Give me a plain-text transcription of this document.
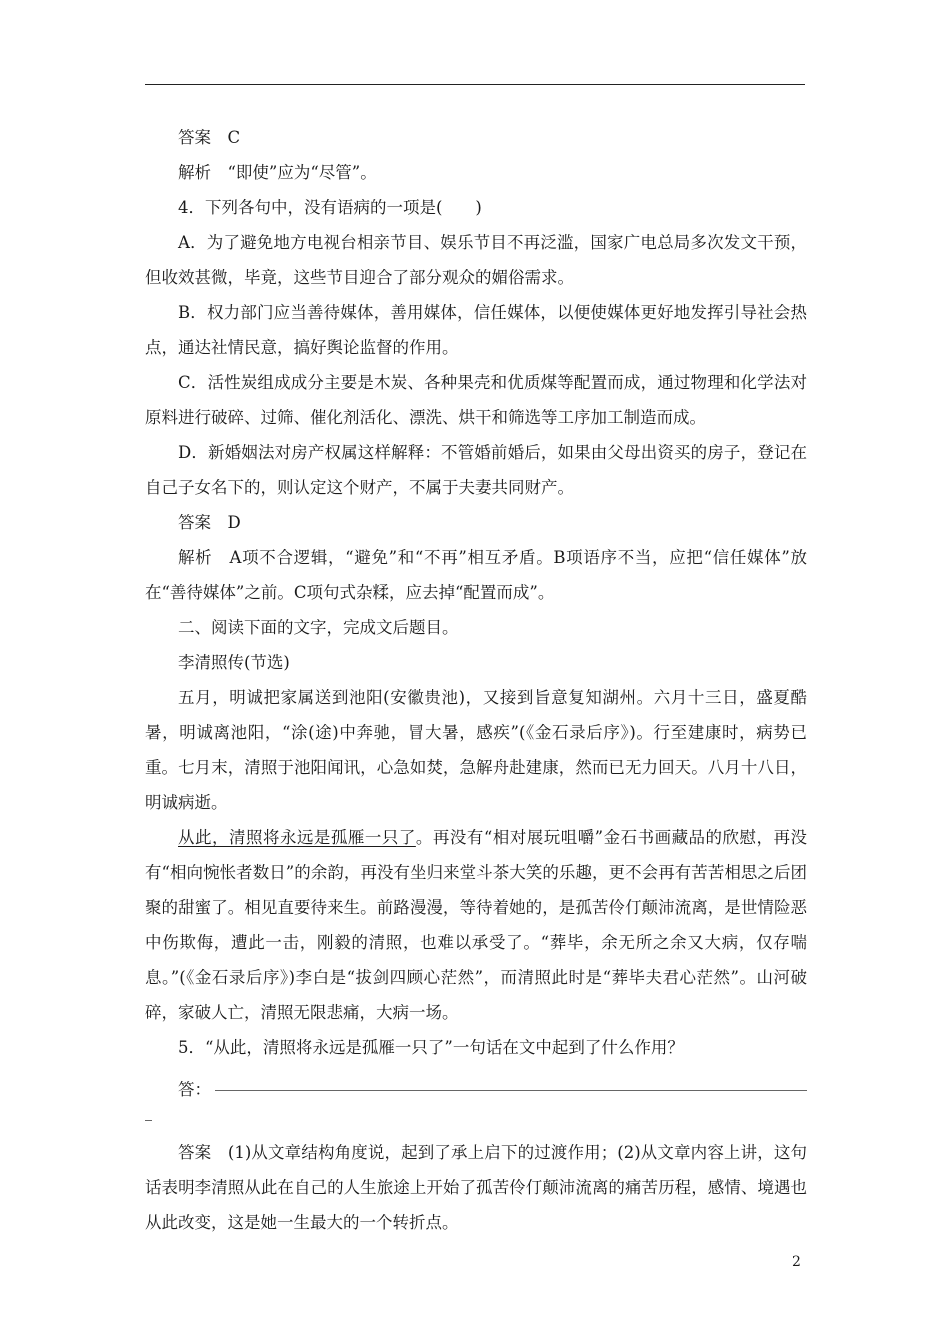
答案　C

解析　“即使”应为“尽管”。

4．下列各句中，没有语病的一项是(　　)

A．为了避免地方电视台相亲节目、娱乐节目不再泛滥，国家广电总局多次发文干预，但收效甚微，毕竟，这些节目迎合了部分观众的媚俗需求。

B．权力部门应当善待媒体，善用媒体，信任媒体，以便使媒体更好地发挥引导社会热点，通达社情民意，搞好舆论监督的作用。

C．活性炭组成成分主要是木炭、各种果壳和优质煤等配置而成，通过物理和化学法对原料进行破碎、过筛、催化剂活化、漂洗、烘干和筛选等工序加工制造而成。

D．新婚姻法对房产权属这样解释：不管婚前婚后，如果由父母出资买的房子，登记在自己子女名下的，则认定这个财产，不属于夫妻共同财产。

答案　D

解析　A项不合逻辑，“避免”和“不再”相互矛盾。B项语序不当，应把“信任媒体”放在“善待媒体”之前。C项句式杂糅，应去掉“配置而成”。

二、阅读下面的文字，完成文后题目。

李清照传(节选)

五月，明诚把家属送到池阳(安徽贵池)，又接到旨意复知湖州。六月十三日，盛夏酷暑，明诚离池阳，“涂(途)中奔驰，冒大暑，感疾”(《金石录后序》)。行至建康时，病势已重。七月末，清照于池阳闻讯，心急如焚，急解舟赴建康，然而已无力回天。八月十八日，明诚病逝。

从此，清照将永远是孤雁一只了。再没有“相对展玩咀嚼”金石书画藏品的欣慰，再没有“相向惋怅者数日”的余韵，再没有坐归来堂斗茶大笑的乐趣，更不会再有苦苦相思之后团聚的甜蜜了。相见直要待来生。前路漫漫，等待着她的，是孤苦伶仃颠沛流离，是世情险恶中伤欺侮，遭此一击，刚毅的清照，也难以承受了。“葬毕，余无所之余又大病，仅存喘息。”(《金石录后序》)李白是“拔剑四顾心茫然”，而清照此时是“葬毕夫君心茫然”。山河破碎，家破人亡，清照无限悲痛，大病一场。

5．“从此，清照将永远是孤雁一只了”一句话在文中起到了什么作用？

答：

答案　(1)从文章结构角度说，起到了承上启下的过渡作用；(2)从文章内容上讲，这句话表明李清照从此在自己的人生旅途上开始了孤苦伶仃颠沛流离的痛苦历程，感情、境遇也从此改变，这是她一生最大的一个转折点。

2
